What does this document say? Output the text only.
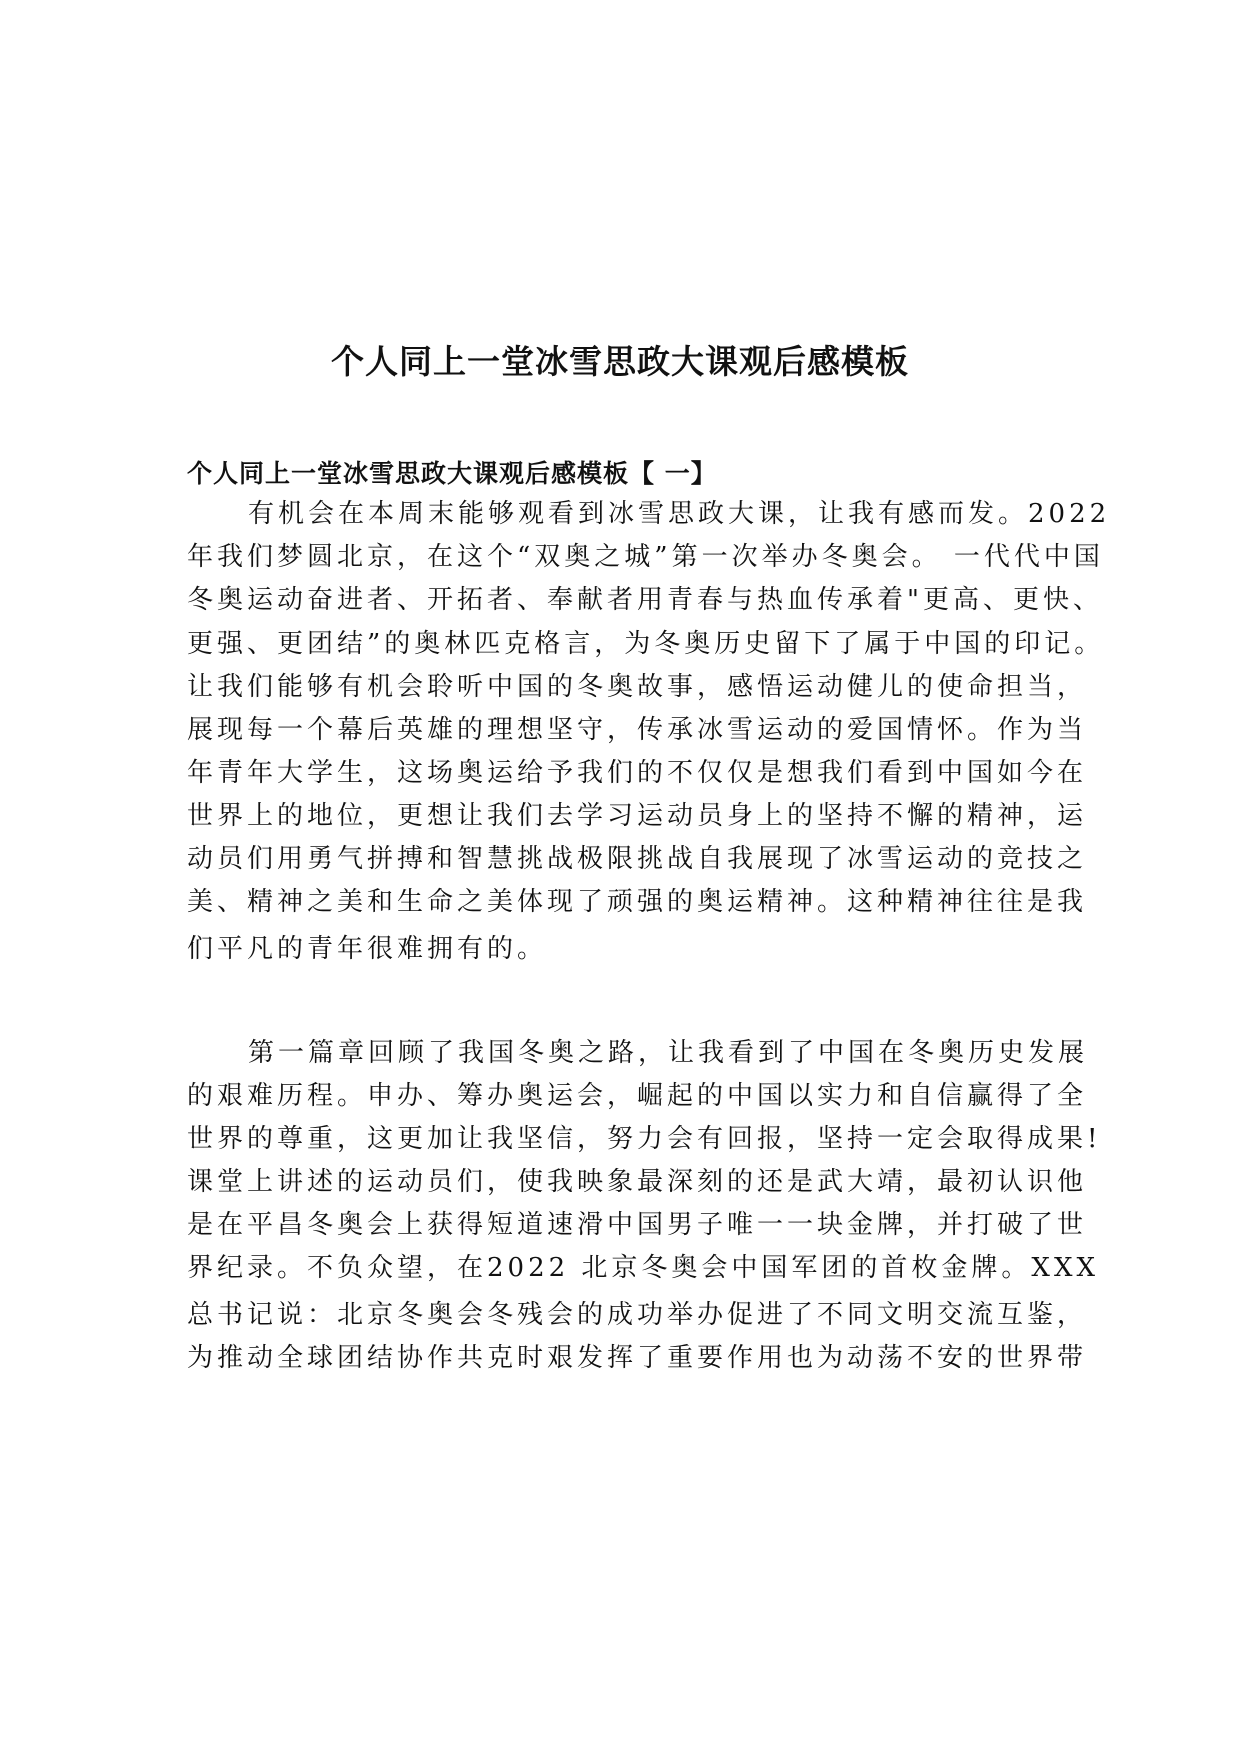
个人同上一堂冰雪思政大课观后感模板
个人同上一堂冰雪思政大课观后感模板【 一】

有机会在本周末能够观看到冰雪思政大课，让我有感而发。2022

年我们梦圆北京，在这个“双奥之城”第一次举办冬奥会。 一代代中国

冬奥运动奋进者、开拓者、奉献者用青春与热血传承着"更高、更快、

更强、更团结”的奥林匹克格言，为冬奥历史留下了属于中国的印记。

让我们能够有机会聆听中国的冬奥故事，感悟运动健儿的使命担当，

展现每一个幕后英雄的理想坚守，传承冰雪运动的爱国情怀。作为当

年青年大学生，这场奥运给予我们的不仅仅是想我们看到中国如今在

世界上的地位，更想让我们去学习运动员身上的坚持不懈的精神，运

动员们用勇气拼搏和智慧挑战极限挑战自我展现了冰雪运动的竞技之

美、精神之美和生命之美体现了顽强的奥运精神。这种精神往往是我

们平凡的青年很难拥有的。

第一篇章回顾了我国冬奥之路，让我看到了中国在冬奥历史发展

的艰难历程。申办、筹办奥运会，崛起的中国以实力和自信赢得了全

世界的尊重，这更加让我坚信，努力会有回报，坚持一定会取得成果!

课堂上讲述的运动员们，使我映象最深刻的还是武大靖，最初认识他

是在平昌冬奥会上获得短道速滑中国男子唯一一块金牌，并打破了世

界纪录。不负众望，在2022 北京冬奥会中国军团的首枚金牌。XXX

总书记说：北京冬奥会冬残会的成功举办促进了不同文明交流互鉴，

为推动全球团结协作共克时艰发挥了重要作用也为动荡不安的世界带
